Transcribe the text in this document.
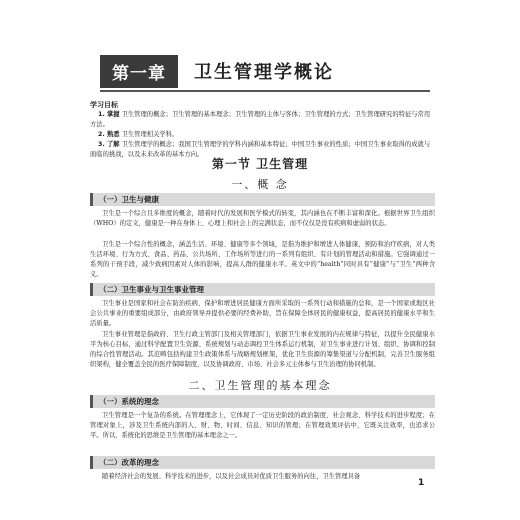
第一章	卫生管理学概论
学习目标

1. 掌握 卫生管理的概念；卫生管理的基本理念；卫生管理的主体与客体；卫生管理的方式；卫生管理研究的特征与常用方法。

2. 熟悉 卫生管理相关学科。

3. 了解 卫生管理学的概念；我国卫生管理学的学科内涵和基本特征；中国卫生事业的性质；中国卫生事业取得的成就与面临的挑战，以及未来改革的基本方向。

第一节 卫生管理
一、概 念
（一）卫生与健康
卫生是一个综合且多维度的概念，随着时代的发展和医学模式的转变，其内涵也在不断丰富和深化。根据世界卫生组织（WHO）的定义，健康是一种在身体上、心理上和社会上的完满状态，而不仅仅是没有疾病和虚弱的状态。
卫生是一个综合性的概念，涵盖生活、环境、健康等多个领域，是指为维护和增进人体健康，预防和治疗疾病，对人类生活环境、行为方式、食品、药品、公共场所、工作场所等进行的一系列有组织、有计划的管理活动和措施。它强调通过一系列的干预手段，减少致病因素对人体的影响，提高人群的健康水平。英文中的“health”同时具有“健康”与“卫生”两种含义。
（二）卫生事业与卫生事业管理
卫生事业是国家和社会在防治疾病、保护和增进居民健康方面所采取的一系列行动和措施的总和，是一个国家或地区社会公共事业的重要组成部分，由政府领导并提供必要的经费补助，旨在保障全体居民的健康权益，提高居民的健康水平和生活质量。
卫生事业管理是指政府、卫生行政主管部门及相关管理部门，依据卫生事业发展的内在规律与特征，以提升全民健康水平为核心目标，通过科学配置卫生资源、系统规划与动态调控卫生体系运行机制，对卫生事业进行计划、组织、协调和控制的综合性管理活动。其范畴包括构建卫生政策体系与战略规划框架，优化卫生资源的筹集渠道与分配机制，完善卫生服务组织架构，健全覆盖全民的医疗保障制度，以及协调政府、市场、社会多元主体参与卫生治理的协同机制。
二、卫生管理的基本理念
（一）系统的理念
卫生管理是一个复杂的系统。在管理理念上，它体现了一定历史阶段的政治制度、社会观念、科学技术的进步程度；在管理对象上，涉及卫生系统内部的人、财、物、时间、信息、知识的管理；在管理效果评估中，它既关注效率，也追求公平。所以，系统化的思维是卫生管理的基本理念之一。
（二）改革的理念
随着经济社会的发展、科学技术的进步，以及社会成员对优质卫生服务的向往，卫生管理具备
1
